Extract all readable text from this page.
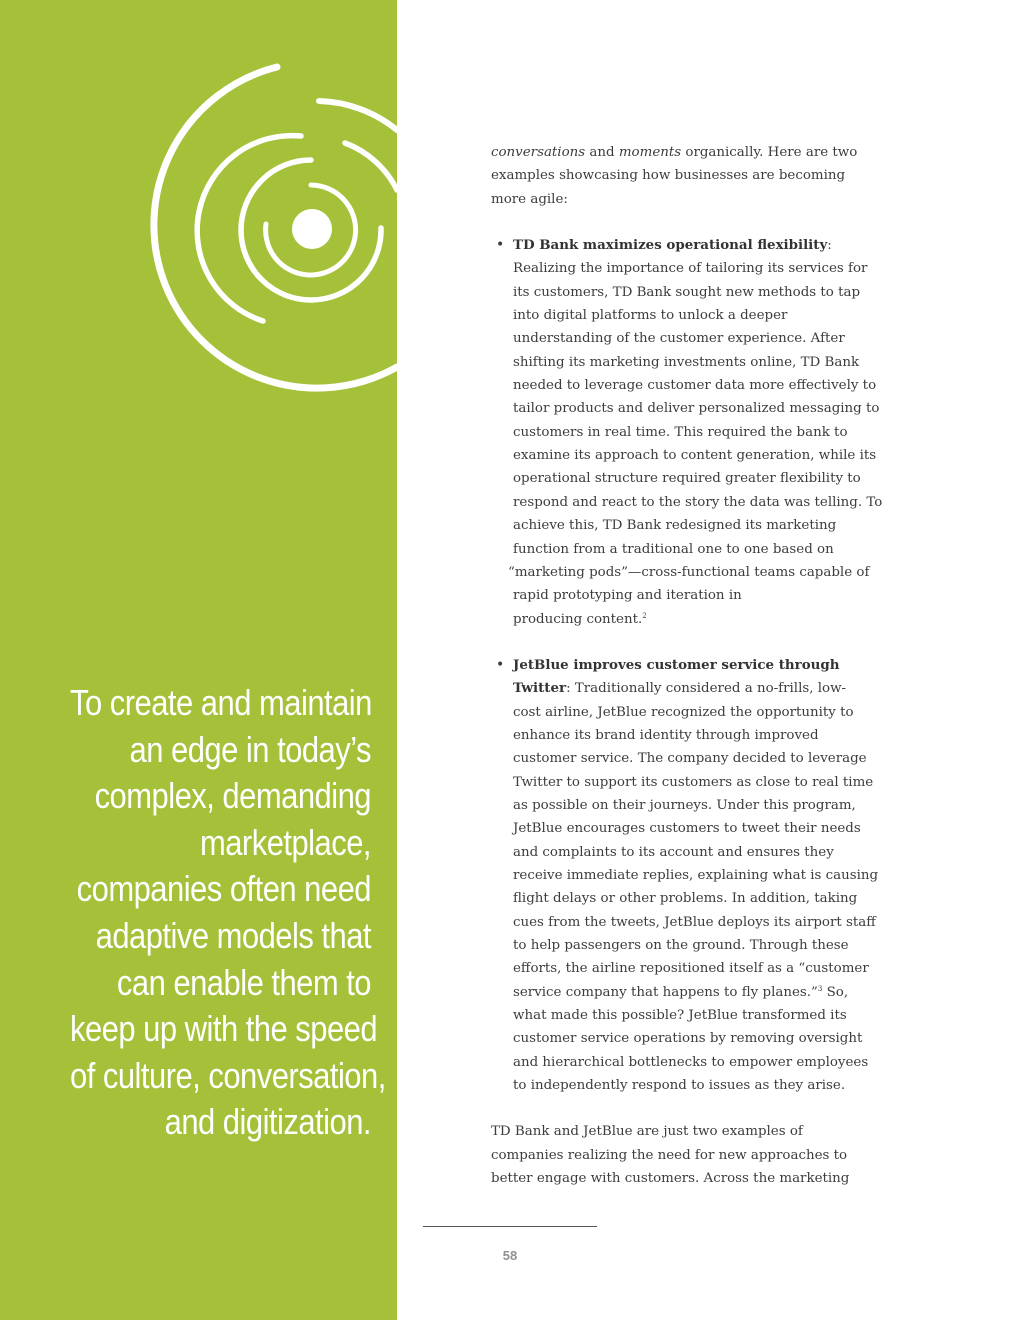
To create and maintain
an edge in today’s
complex, demanding
marketplace,
companies often need
adaptive models that
can enable them to
keep up with the speed
of culture, conversation,
and digitization.

conversations and moments organically. Here are two
examples showcasing how businesses are becoming
more agile:

• TD Bank maximizes operational flexibility:
Realizing the importance of tailoring its services for
its customers, TD Bank sought new methods to tap
into digital platforms to unlock a deeper
understanding of the customer experience. After
shifting its marketing investments online, TD Bank
needed to leverage customer data more effectively to
tailor products and deliver personalized messaging to
customers in real time. This required the bank to
examine its approach to content generation, while its
operational structure required greater flexibility to
respond and react to the story the data was telling. To
achieve this, TD Bank redesigned its marketing
function from a traditional one to one based on
“marketing pods”—cross-functional teams capable of
rapid prototyping and iteration in
producing content.$^2$
• JetBlue improves customer service through
Twitter: Traditionally considered a no-frills, low-
cost airline, JetBlue recognized the opportunity to
enhance its brand identity through improved
customer service. The company decided to leverage
Twitter to support its customers as close to real time
as possible on their journeys. Under this program,
JetBlue encourages customers to tweet their needs
and complaints to its account and ensures they
receive immediate replies, explaining what is causing
flight delays or other problems. In addition, taking
cues from the tweets, JetBlue deploys its airport staff
to help passengers on the ground. Through these
efforts, the airline repositioned itself as a “customer
service company that happens to fly planes.”$^3$ So,
what made this possible? JetBlue transformed its
customer service operations by removing oversight
and hierarchical bottlenecks to empower employees
to independently respond to issues as they arise.

TD Bank and JetBlue are just two examples of
companies realizing the need for new approaches to
better engage with customers. Across the marketing

58
